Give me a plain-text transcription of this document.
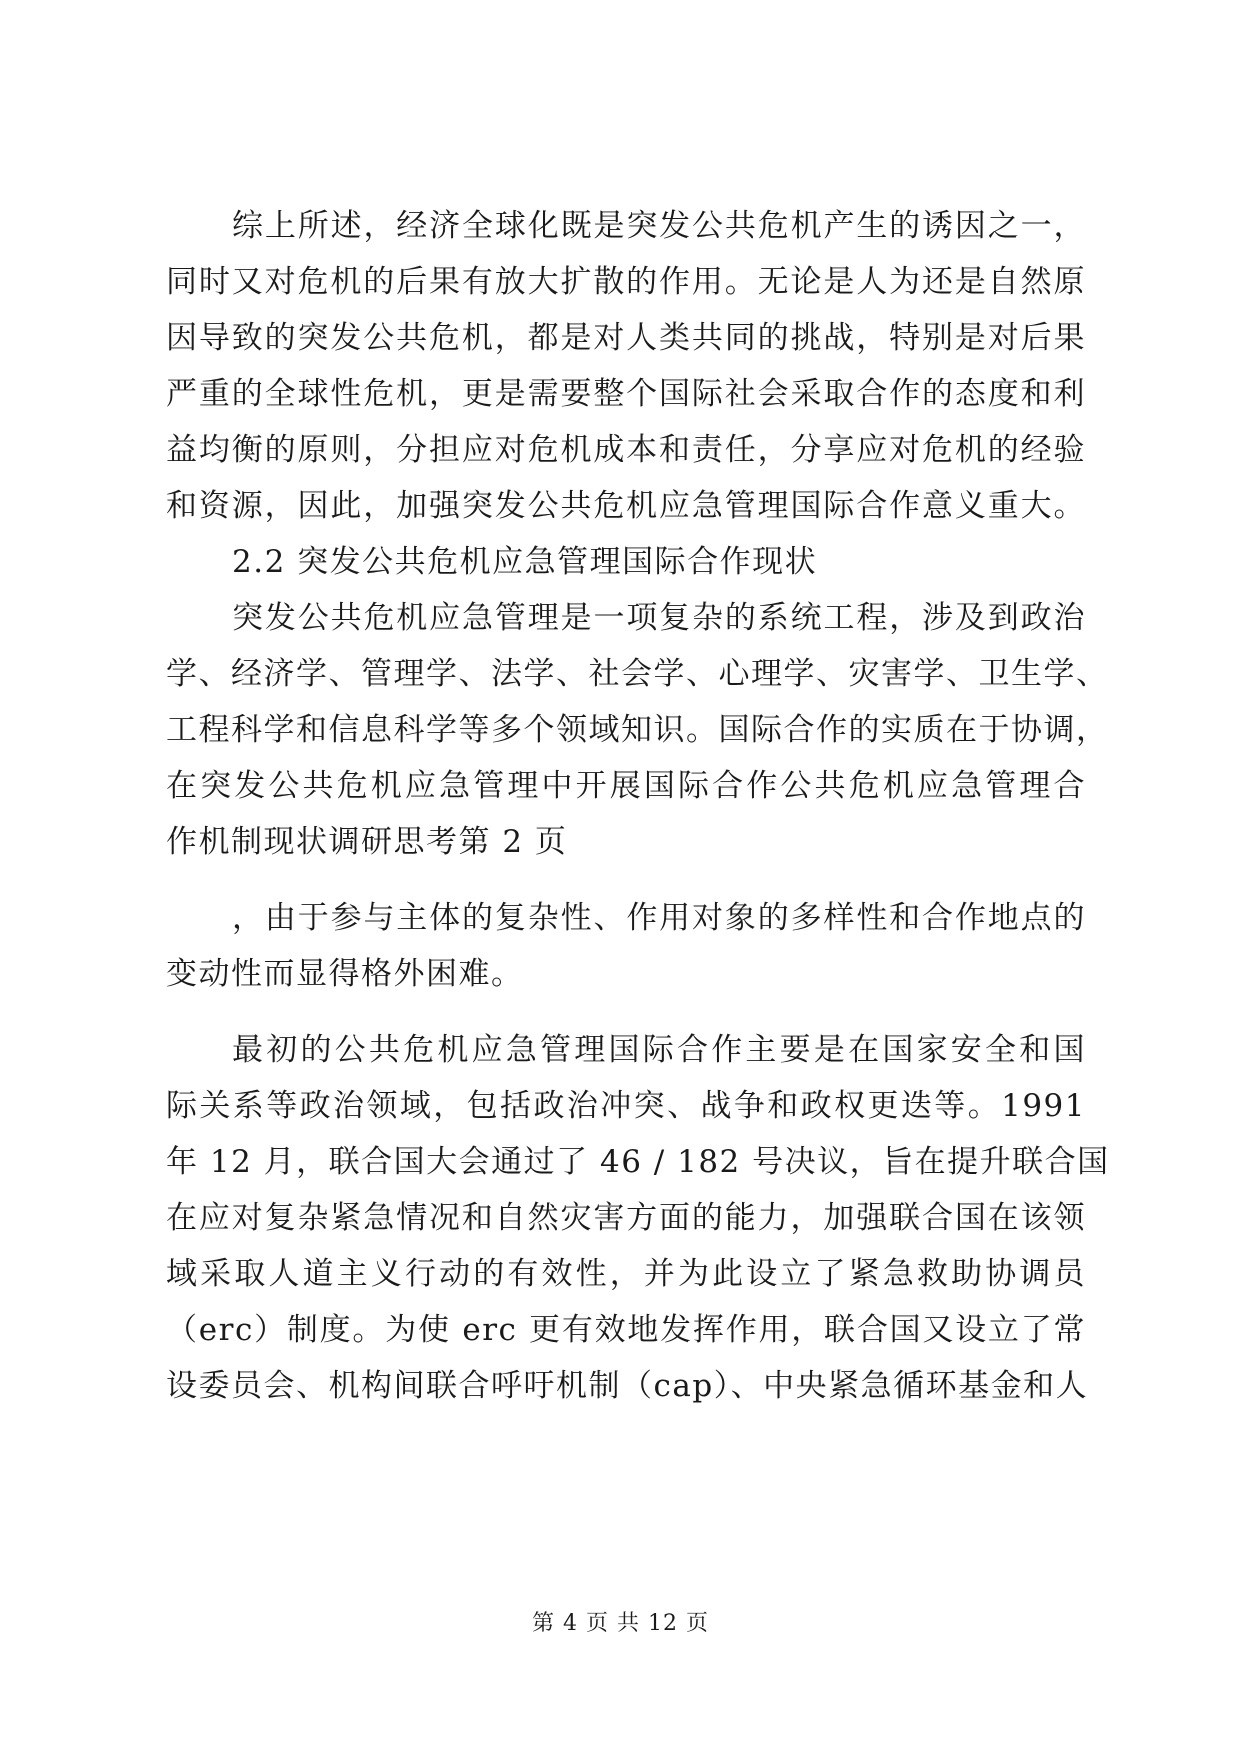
综上所述，经济全球化既是突发公共危机产生的诱因之一，
同时又对危机的后果有放大扩散的作用。无论是人为还是自然原
因导致的突发公共危机，都是对人类共同的挑战，特别是对后果
严重的全球性危机，更是需要整个国际社会采取合作的态度和利
益均衡的原则，分担应对危机成本和责任，分享应对危机的经验
和资源，因此，加强突发公共危机应急管理国际合作意义重大。
2.2 突发公共危机应急管理国际合作现状
突发公共危机应急管理是一项复杂的系统工程，涉及到政治
学、经济学、管理学、法学、社会学、心理学、灾害学、卫生学、
工程科学和信息科学等多个领域知识。国际合作的实质在于协调，
在突发公共危机应急管理中开展国际合作公共危机应急管理合
作机制现状调研思考第 2 页
，由于参与主体的复杂性、作用对象的多样性和合作地点的
变动性而显得格外困难。
最初的公共危机应急管理国际合作主要是在国家安全和国
际关系等政治领域，包括政治冲突、战争和政权更迭等。1991
年 12 月，联合国大会通过了 46 / 182 号决议，旨在提升联合国
在应对复杂紧急情况和自然灾害方面的能力，加强联合国在该领
域采取人道主义行动的有效性，并为此设立了紧急救助协调员
（erc）制度。为使 erc 更有效地发挥作用，联合国又设立了常
设委员会、机构间联合呼吁机制（cap）、中央紧急循环基金和人
第 4 页 共 12 页
